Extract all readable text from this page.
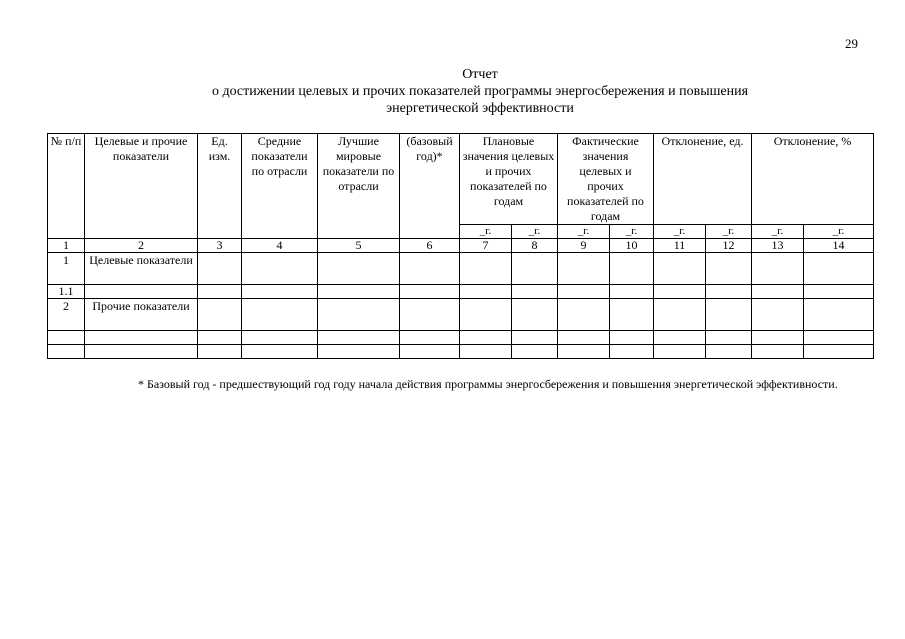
29
Отчет
о достижении целевых и прочих показателей программы энергосбережения и повышения
энергетической эффективности
№ п/п	Целевые и прочие показатели	Ед. изм.	Средние показатели по отрасли	Лучшие мировые показатели по отрасли	(базовый год)*	Плановые значения целевых и прочих показателей по годам		Фактические значения целевых и прочих показателей по годам		Отклонение, ед.		Отклонение, %	
						_г.	_г.	_г.	_г.	_г.	_г.	_г.	_г.
1	2	3	4	5	6	7	8	9	10	11	12	13	14
1	Целевые показатели												
1.1													
2	Прочие показатели												

* Базовый год - предшествующий год году начала действия программы энергосбережения и повышения энергетической эффективности.
